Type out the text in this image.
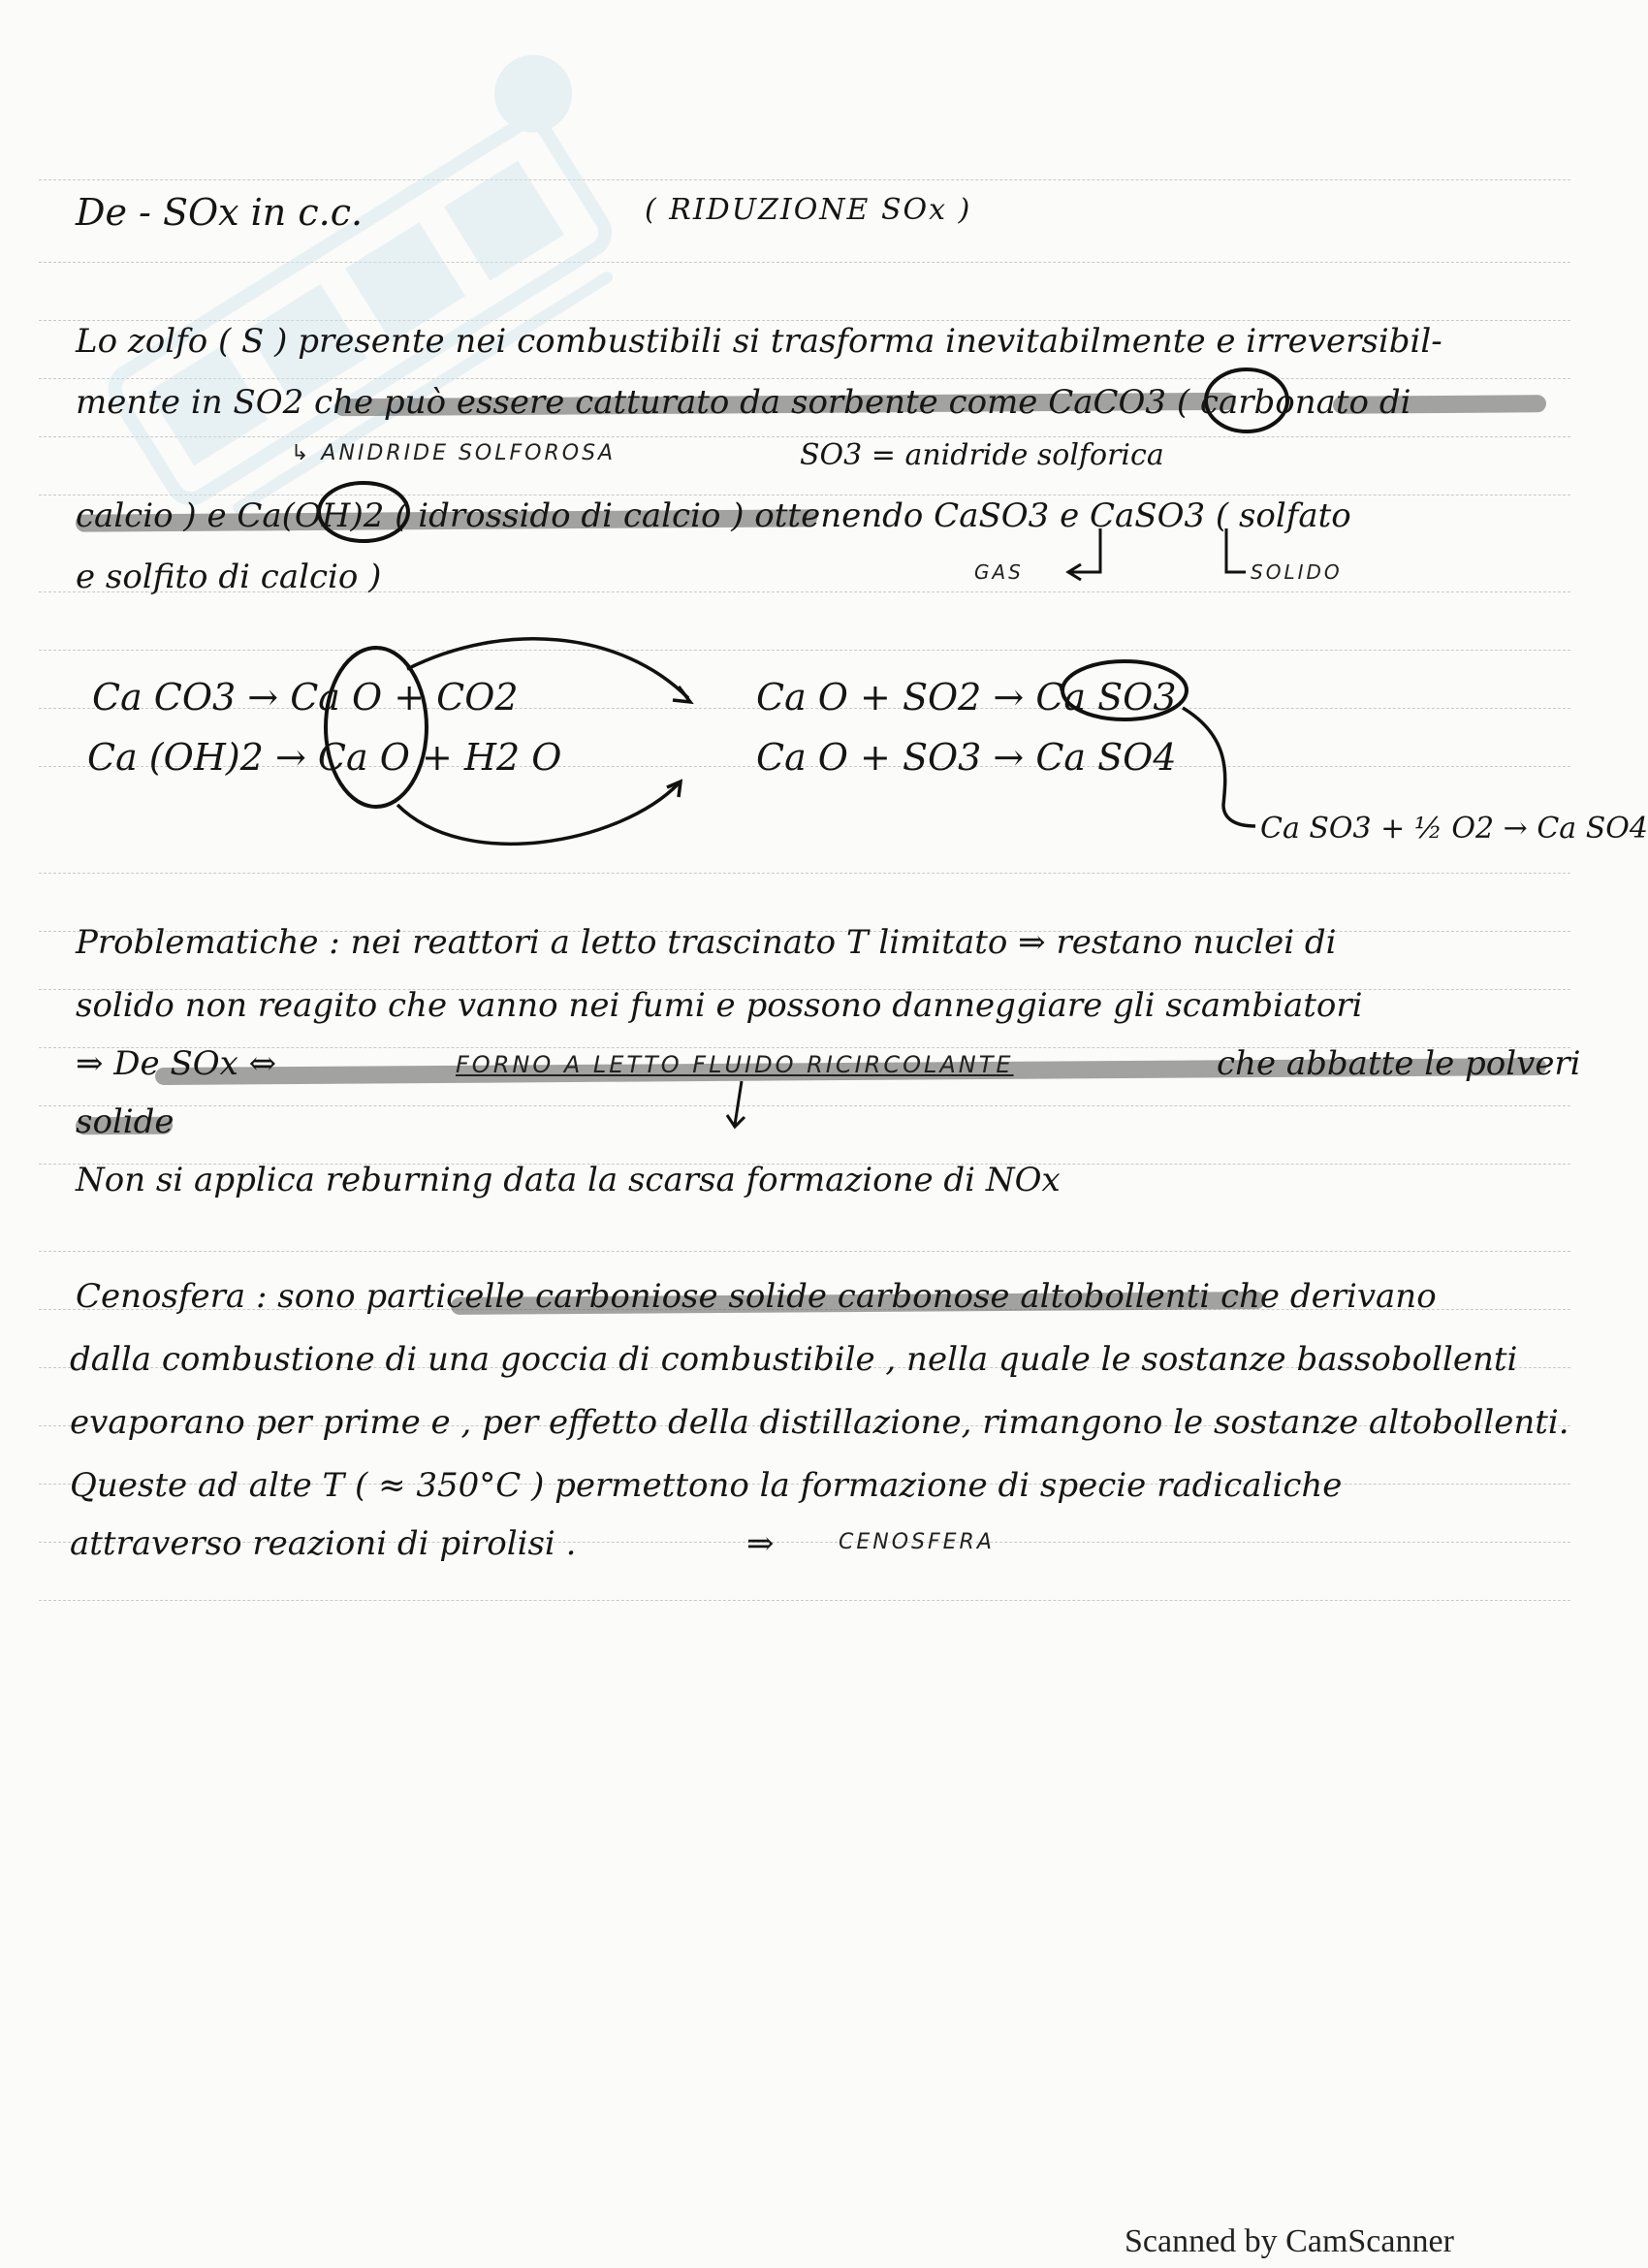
De - SOx in c.c.	( RIDUZIONE SOx )
Lo zolfo ( S ) presente nei combustibili si trasforma inevitabilmente e irreversibil-
mente in SO2 che può essere catturato da sorbente come CaCO3 ( carbonato di
↳ ANIDRIDE SOLFOROSA	SO3 = anidride solforica
calcio ) e Ca(OH)2 ( idrossido di calcio ) ottenendo CaSO3 e CaSO3 ( solfato
e solfito di calcio )	GAS	SOLIDO
Ca CO3 → Ca O + CO2
Ca (OH)2 → Ca O + H2 O
Ca O + SO2 → Ca SO3
Ca O + SO3 → Ca SO4
Ca SO3 + ½ O2 → Ca SO4
Problematiche : nei reattori a letto trascinato T limitato ⇒ restano nuclei di
solido non reagito che vanno nei fumi e possono danneggiare gli scambiatori
⇒ De SOx ⇔	FORNO A LETTO FLUIDO RICIRCOLANTE	che abbatte le polveri
solide
Non si applica reburning data la scarsa formazione di NOx
Cenosfera : sono particelle carboniose solide carbonose altobollenti che derivano
dalla combustione di una goccia di combustibile , nella quale le sostanze bassobollenti
evaporano per prime e , per effetto della distillazione, rimangono le sostanze altobollenti.
Queste ad alte T ( ≈ 350°C ) permettono la formazione di specie radicaliche
attraverso reazioni di pirolisi .	⇒	CENOSFERA
Scanned by CamScanner
